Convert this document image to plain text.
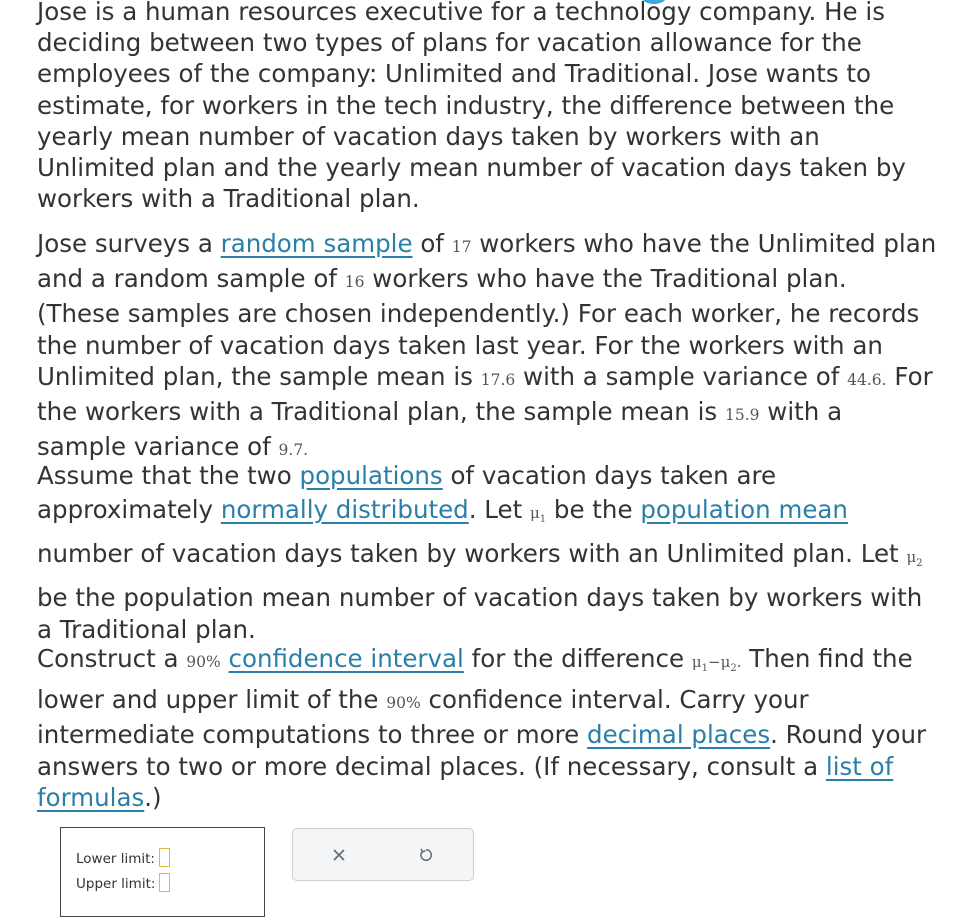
Jose is a human resources executive for a technology company. He is deciding between two types of plans for vacation allowance for the employees of the company: Unlimited and Traditional. Jose wants to estimate, for workers in the tech industry, the difference between the yearly mean number of vacation days taken by workers with an Unlimited plan and the yearly mean number of vacation days taken by workers with a Traditional plan.

Jose surveys a random sample of 17 workers who have the Unlimited plan and a random sample of 16 workers who have the Traditional plan. (These samples are chosen independently.) For each worker, he records the number of vacation days taken last year. For the workers with an Unlimited plan, the sample mean is 17.6 with a sample variance of 44.6. For the workers with a Traditional plan, the sample mean is 15.9 with a sample variance of 9.7.

Assume that the two populations of vacation days taken are approximately normally distributed. Let $\mu_1$ be the population mean number of vacation days taken by workers with an Unlimited plan. Let $\mu_2$ be the population mean number of vacation days taken by workers with a Traditional plan.

Construct a 90% confidence interval for the difference $\mu_1-\mu_2$. Then find the lower and upper limit of the 90% confidence interval. Carry your intermediate computations to three or more decimal places. Round your answers to two or more decimal places. (If necessary, consult a list of formulas.)

Lower limit:
Upper limit:
